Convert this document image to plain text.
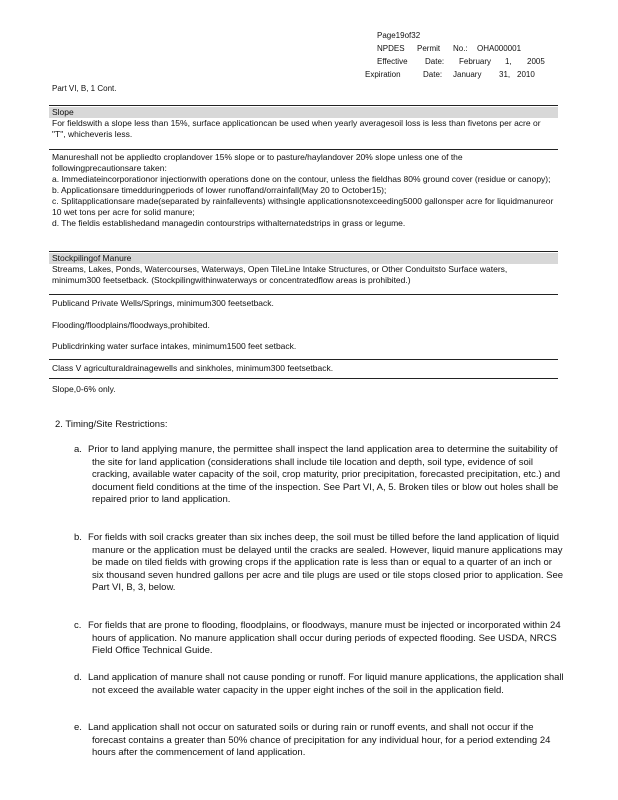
Page19of32
NPDES Permit No.: OHA000001
Effective Date: February 1, 2005
Expiration	Date: January 31, 2010
Part VI, B, 1 Cont.

Slope

For fieldswith a slope less than 15%, surface applicationcan be used when yearly averagesoil loss is less than fivetons per acre or "T", whicheveris less.

Manureshall not be appliedto croplandover 15% slope or to pasture/haylandover 20% slope unless one of the

followingprecautionsare taken:

a. Immediateincorporationor injectionwith operations done on the contour, unless the fieldhas 80% ground cover (residue or canopy);

b. Applicationsare timedduringperiods of lower runoffand/orrainfall(May 20 to October15);

c. Splitapplicationsare made(separated by rainfallevents) withsingle applicationsnotexceeding5000 gallonsper acre for liquidmanureor 10 wet tons per acre for solid manure;

d. The fieldis establishedand managedin contourstrips withalternatedstrips in grass or legume.

Stockpilingof Manure

Streams, Lakes, Ponds, Watercourses, Waterways, Open TileLine Intake Structures, or Other Conduitsto Surface waters, minimum300 feetsetback. (Stockpilingwithinwaterways or concentratedflow areas is prohibited.)

Publicand Private Wells/Springs, minimum300 feetsetback.
Flooding/floodplains/floodways,prohibited.
Publicdrinking water surface intakes, minimum1500 feet setback.
Class V agriculturaldrainagewells and sinkholes, minimum300 feetsetback.
Slope,0-6% only.
2. Timing/Site Restrictions:

a. Prior to land applying manure, the permittee shall inspect the land application area to determine the suitability of the site for land application (considerations shall include tile location and depth, soil type, evidence of soil cracking, available water capacity of the soil, crop maturity, prior precipitation, forecasted precipitation, etc.) and document field conditions at the time of the inspection. See Part VI, A, 5. Broken tiles or blow out holes shall be repaired prior to land application.

b. For fields with soil cracks greater than six inches deep, the soil must be tilled before the land application of liquid manure or the application must be delayed until the cracks are sealed. However, liquid manure applications may be made on tiled fields with growing crops if the application rate is less than or equal to a quarter of an inch or six thousand seven hundred gallons per acre and tile plugs are used or tile stops closed prior to application. See Part VI, B, 3, below.

c. For fields that are prone to flooding, floodplains, or floodways, manure must be injected or incorporated within 24 hours of application. No manure application shall occur during periods of expected flooding. See USDA, NRCS Field Office Technical Guide.

d. Land application of manure shall not cause ponding or runoff. For liquid manure applications, the application shall not exceed the available water capacity in the upper eight inches of the soil in the application field.

e. Land application shall not occur on saturated soils or during rain or runoff events, and shall not occur if the forecast contains a greater than 50% chance of precipitation for any individual hour, for a period extending 24 hours after the commencement of land application.
